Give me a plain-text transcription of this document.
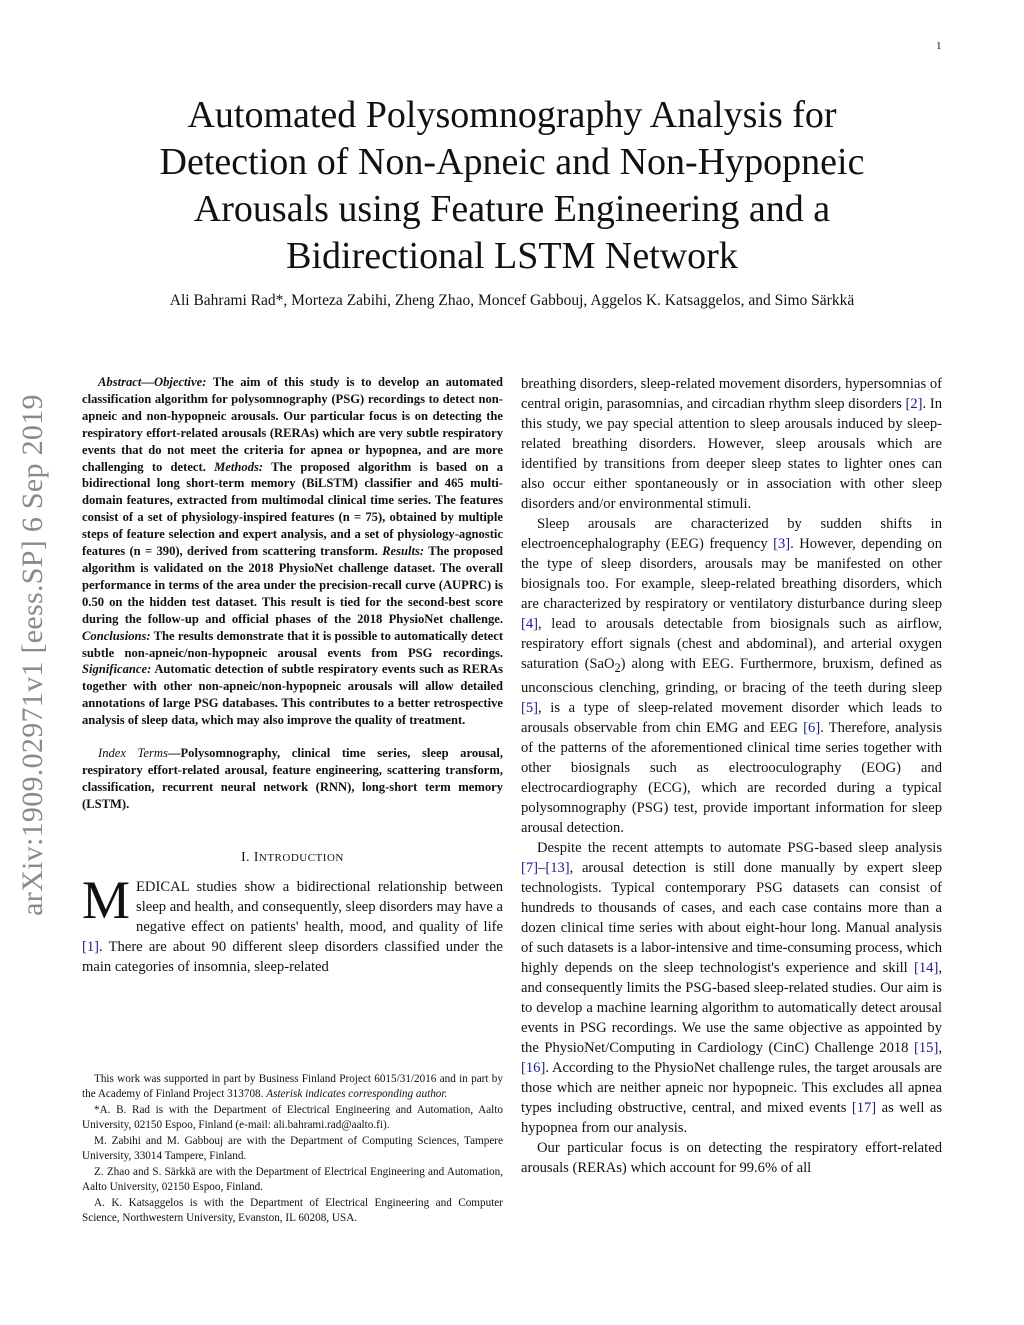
1
arXiv:1909.02971v1 [eess.SP] 6 Sep 2019
Automated Polysomnography Analysis for
Detection of Non-Apneic and Non-Hypopneic
Arousals using Feature Engineering and a
Bidirectional LSTM Network
Ali Bahrami Rad*, Morteza Zabihi, Zheng Zhao, Moncef Gabbouj, Aggelos K. Katsaggelos, and Simo Särkkä

Abstract—Objective: The aim of this study is to develop an automated classification algorithm for polysomnography (PSG) recordings to detect non-apneic and non-hypopneic arousals. Our particular focus is on detecting the respiratory effort-related arousals (RERAs) which are very subtle respiratory events that do not meet the criteria for apnea or hypopnea, and are more challenging to detect. Methods: The proposed algorithm is based on a bidirectional long short-term memory (BiLSTM) classifier and 465 multi-domain features, extracted from multimodal clinical time series. The features consist of a set of physiology-inspired features (n = 75), obtained by multiple steps of feature selection and expert analysis, and a set of physiology-agnostic features (n = 390), derived from scattering transform. Results: The proposed algorithm is validated on the 2018 PhysioNet challenge dataset. The overall performance in terms of the area under the precision-recall curve (AUPRC) is 0.50 on the hidden test dataset. This result is tied for the second-best score during the follow-up and official phases of the 2018 PhysioNet challenge. Conclusions: The results demonstrate that it is possible to automatically detect subtle non-apneic/non-hypopneic arousal events from PSG recordings. Significance: Automatic detection of subtle respiratory events such as RERAs together with other non-apneic/non-hypopneic arousals will allow detailed annotations of large PSG databases. This contributes to a better retrospective analysis of sleep data, which may also improve the quality of treatment.

Index Terms—Polysomnography, clinical time series, sleep arousal, respiratory effort-related arousal, feature engineering, scattering transform, classification, recurrent neural network (RNN), long-short term memory (LSTM).

I. INTRODUCTION

MEDICAL studies show a bidirectional relationship between sleep and health, and consequently, sleep disorders may have a negative effect on patients' health, mood, and quality of life [1]. There are about 90 different sleep disorders classified under the main categories of insomnia, sleep-related

This work was supported in part by Business Finland Project 6015/31/2016 and in part by the Academy of Finland Project 313708. Asterisk indicates corresponding author.

*A. B. Rad is with the Department of Electrical Engineering and Automation, Aalto University, 02150 Espoo, Finland (e-mail: ali.bahrami.rad@aalto.fi).

M. Zabihi and M. Gabbouj are with the Department of Computing Sciences, Tampere University, 33014 Tampere, Finland.

Z. Zhao and S. Särkkä are with the Department of Electrical Engineering and Automation, Aalto University, 02150 Espoo, Finland.

A. K. Katsaggelos is with the Department of Electrical Engineering and Computer Science, Northwestern University, Evanston, IL 60208, USA.

breathing disorders, sleep-related movement disorders, hypersomnias of central origin, parasomnias, and circadian rhythm sleep disorders [2]. In this study, we pay special attention to sleep arousals induced by sleep-related breathing disorders. However, sleep arousals which are identified by transitions from deeper sleep states to lighter ones can also occur either spontaneously or in association with other sleep disorders and/or environmental stimuli.

Sleep arousals are characterized by sudden shifts in electroencephalography (EEG) frequency [3]. However, depending on the type of sleep disorders, arousals may be manifested on other biosignals too. For example, sleep-related breathing disorders, which are characterized by respiratory or ventilatory disturbance during sleep [4], lead to arousals detectable from biosignals such as airflow, respiratory effort signals (chest and abdominal), and arterial oxygen saturation (SaO$_2$) along with EEG. Furthermore, bruxism, defined as unconscious clenching, grinding, or bracing of the teeth during sleep [5], is a type of sleep-related movement disorder which leads to arousals observable from chin EMG and EEG [6]. Therefore, analysis of the patterns of the aforementioned clinical time series together with other biosignals such as electrooculography (EOG) and electrocardiography (ECG), which are recorded during a typical polysomnography (PSG) test, provide important information for sleep arousal detection.

Despite the recent attempts to automate PSG-based sleep analysis [7]–[13], arousal detection is still done manually by expert sleep technologists. Typical contemporary PSG datasets can consist of hundreds to thousands of cases, and each case contains more than a dozen clinical time series with about eight-hour long. Manual analysis of such datasets is a labor-intensive and time-consuming process, which highly depends on the sleep technologist's experience and skill [14], and consequently limits the PSG-based sleep-related studies. Our aim is to develop a machine learning algorithm to automatically detect arousal events in PSG recordings. We use the same objective as appointed by the PhysioNet/Computing in Cardiology (CinC) Challenge 2018 [15], [16]. According to the PhysioNet challenge rules, the target arousals are those which are neither apneic nor hypopneic. This excludes all apnea types including obstructive, central, and mixed events [17] as well as hypopnea from our analysis.

Our particular focus is on detecting the respiratory effort-related arousals (RERAs) which account for 99.6% of all
